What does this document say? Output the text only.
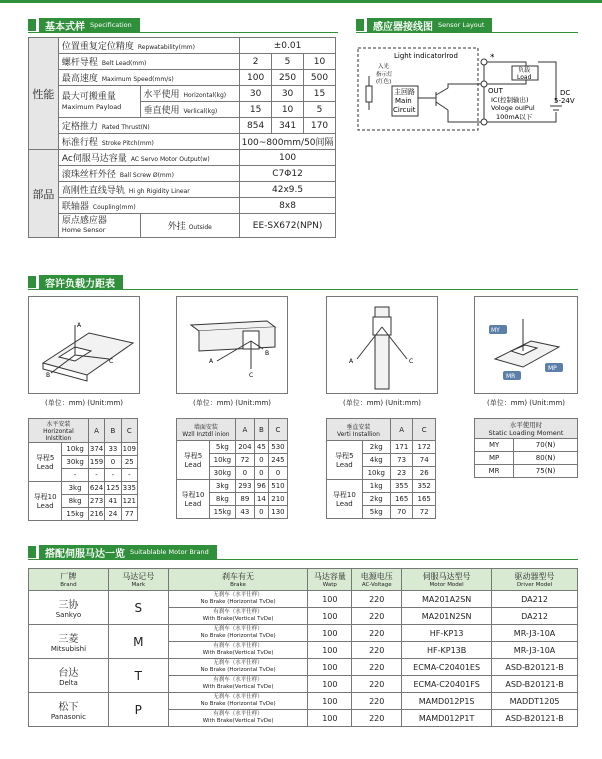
基本式样 Specification
性能	位置重复定位精度 Repwatability(mm)		±0.01		
	螺杆导程 Belt Lead(mm)		2	5	10
	最高速度 Maximum Speed(mm/s)		100	250	500
	最大可搬重量
Maximum Payload	水平使用 Horizontal(kg)	30	30	15
		垂直使用 Verlical(kg)	15	10	5
	定格推力 Rated Thrust(N)		854	341	170
	标准行程 Stroke Pitch(mm)		100~800mm/50间隔		
部品	Ac伺服马达容量 AC Servo Motor Output(w)		100		
	滚珠丝杆外径 Ball Screw Ø(mm)		C7Φ12		
	高刚性直线导轨 Hi gh Rigidity Linear		42x9.5		
	联轴器 Coupling(mm)		8x8		
	原点感应器
Home Sensor	外挂 Outside	EE-SX672(NPN)		
感应器接线图 Sensor Layout
Light indicatorlrod
入光
指示灯
(红色)
主回路
Main
Circuit
*
负载
Load
OUT
IC(控制输出)
Vologe ouIPul
100mA以下
DC
5-24V
容许负载力距表
A
B
C	A
B
C
A	C
MY
MP
MR
(单位：mm) (Unit:mm)	(单位：mm) (Unit:mm)	(单位：mm) (Unit:mm)	(单位：mm) (Unit:mm)
水平安装
Horizontal Inlstltion		A	B	C
导程5
Lead	10kg	374	33	109
	30kg	159	0	25
	-	-	-	-
导程10
Lead	3kg	624	125	335
	8kg	273	41	121
	15kg	216	24	77
墙面安装
Wzll Inztdl inion		A	B	C
导程5
Lead	5kg	204	45	530
	10kg	72	0	245
	30kg	0	0	0
导程10
Lead	3kg	293	96	510
	8kg	89	14	210
	15kg	43	0	130
垂直安装
Verti Installion		A	C
导程5
Lead	2kg	171	172
	4kg	73	74
	10kg	23	26
导程10
Lead	1kg	355	352
	2kg	165	165
	5kg	70	72
水平使用时
Static Loading Moment	
MY	70(N)
MP	80(N)
MR	75(N)
搭配伺服马达一览 Suitablable Motor Brand
厂牌
Brand	马达记号
Mark	刹车有无
Brake	马达容量
Watp	电源电压
AC-Voltage	伺服马达型号
Motor Model	驱动器型号
Driver Model

三协
Sankyo	S	无刹车（水平仕样）
No Brake (Horizontal TvDe)	100	220	MA201A2SN	DA212
		有刹车（水平仕样）
With Brake(Vertical TvDe)	100	220	MA201N2SN	DA212
三菱
Mitsubishi	M	无刹车（水平仕样）
No Brake (Horizontal TvDe)	100	220	HF-KP13	MR-J3-10A
		有刹车（水平仕样）
With Brake(Vertical TvDe)	100	220	HF-KP13B	MR-J3-10A
台达
Delta	T	无刹车（水平仕样）
No Brake (Horizontal TvDe)	100	220	ECMA-C20401ES	ASD-B20121-B
		有刹车（水平仕样）
With Brake(Vertical TvDe)	100	220	ECMA-C20401FS	ASD-B20121-B
松下
Panasonic	P	无刹车（水平仕样）
No Brake (Horizontal TvDe)	100	220	MAMD012P1S	MADDT1205
		有刹车（水平仕样）
With Brake(Vertical TvDe)	100	220	MAMD012P1T	ASD-B20121-B
